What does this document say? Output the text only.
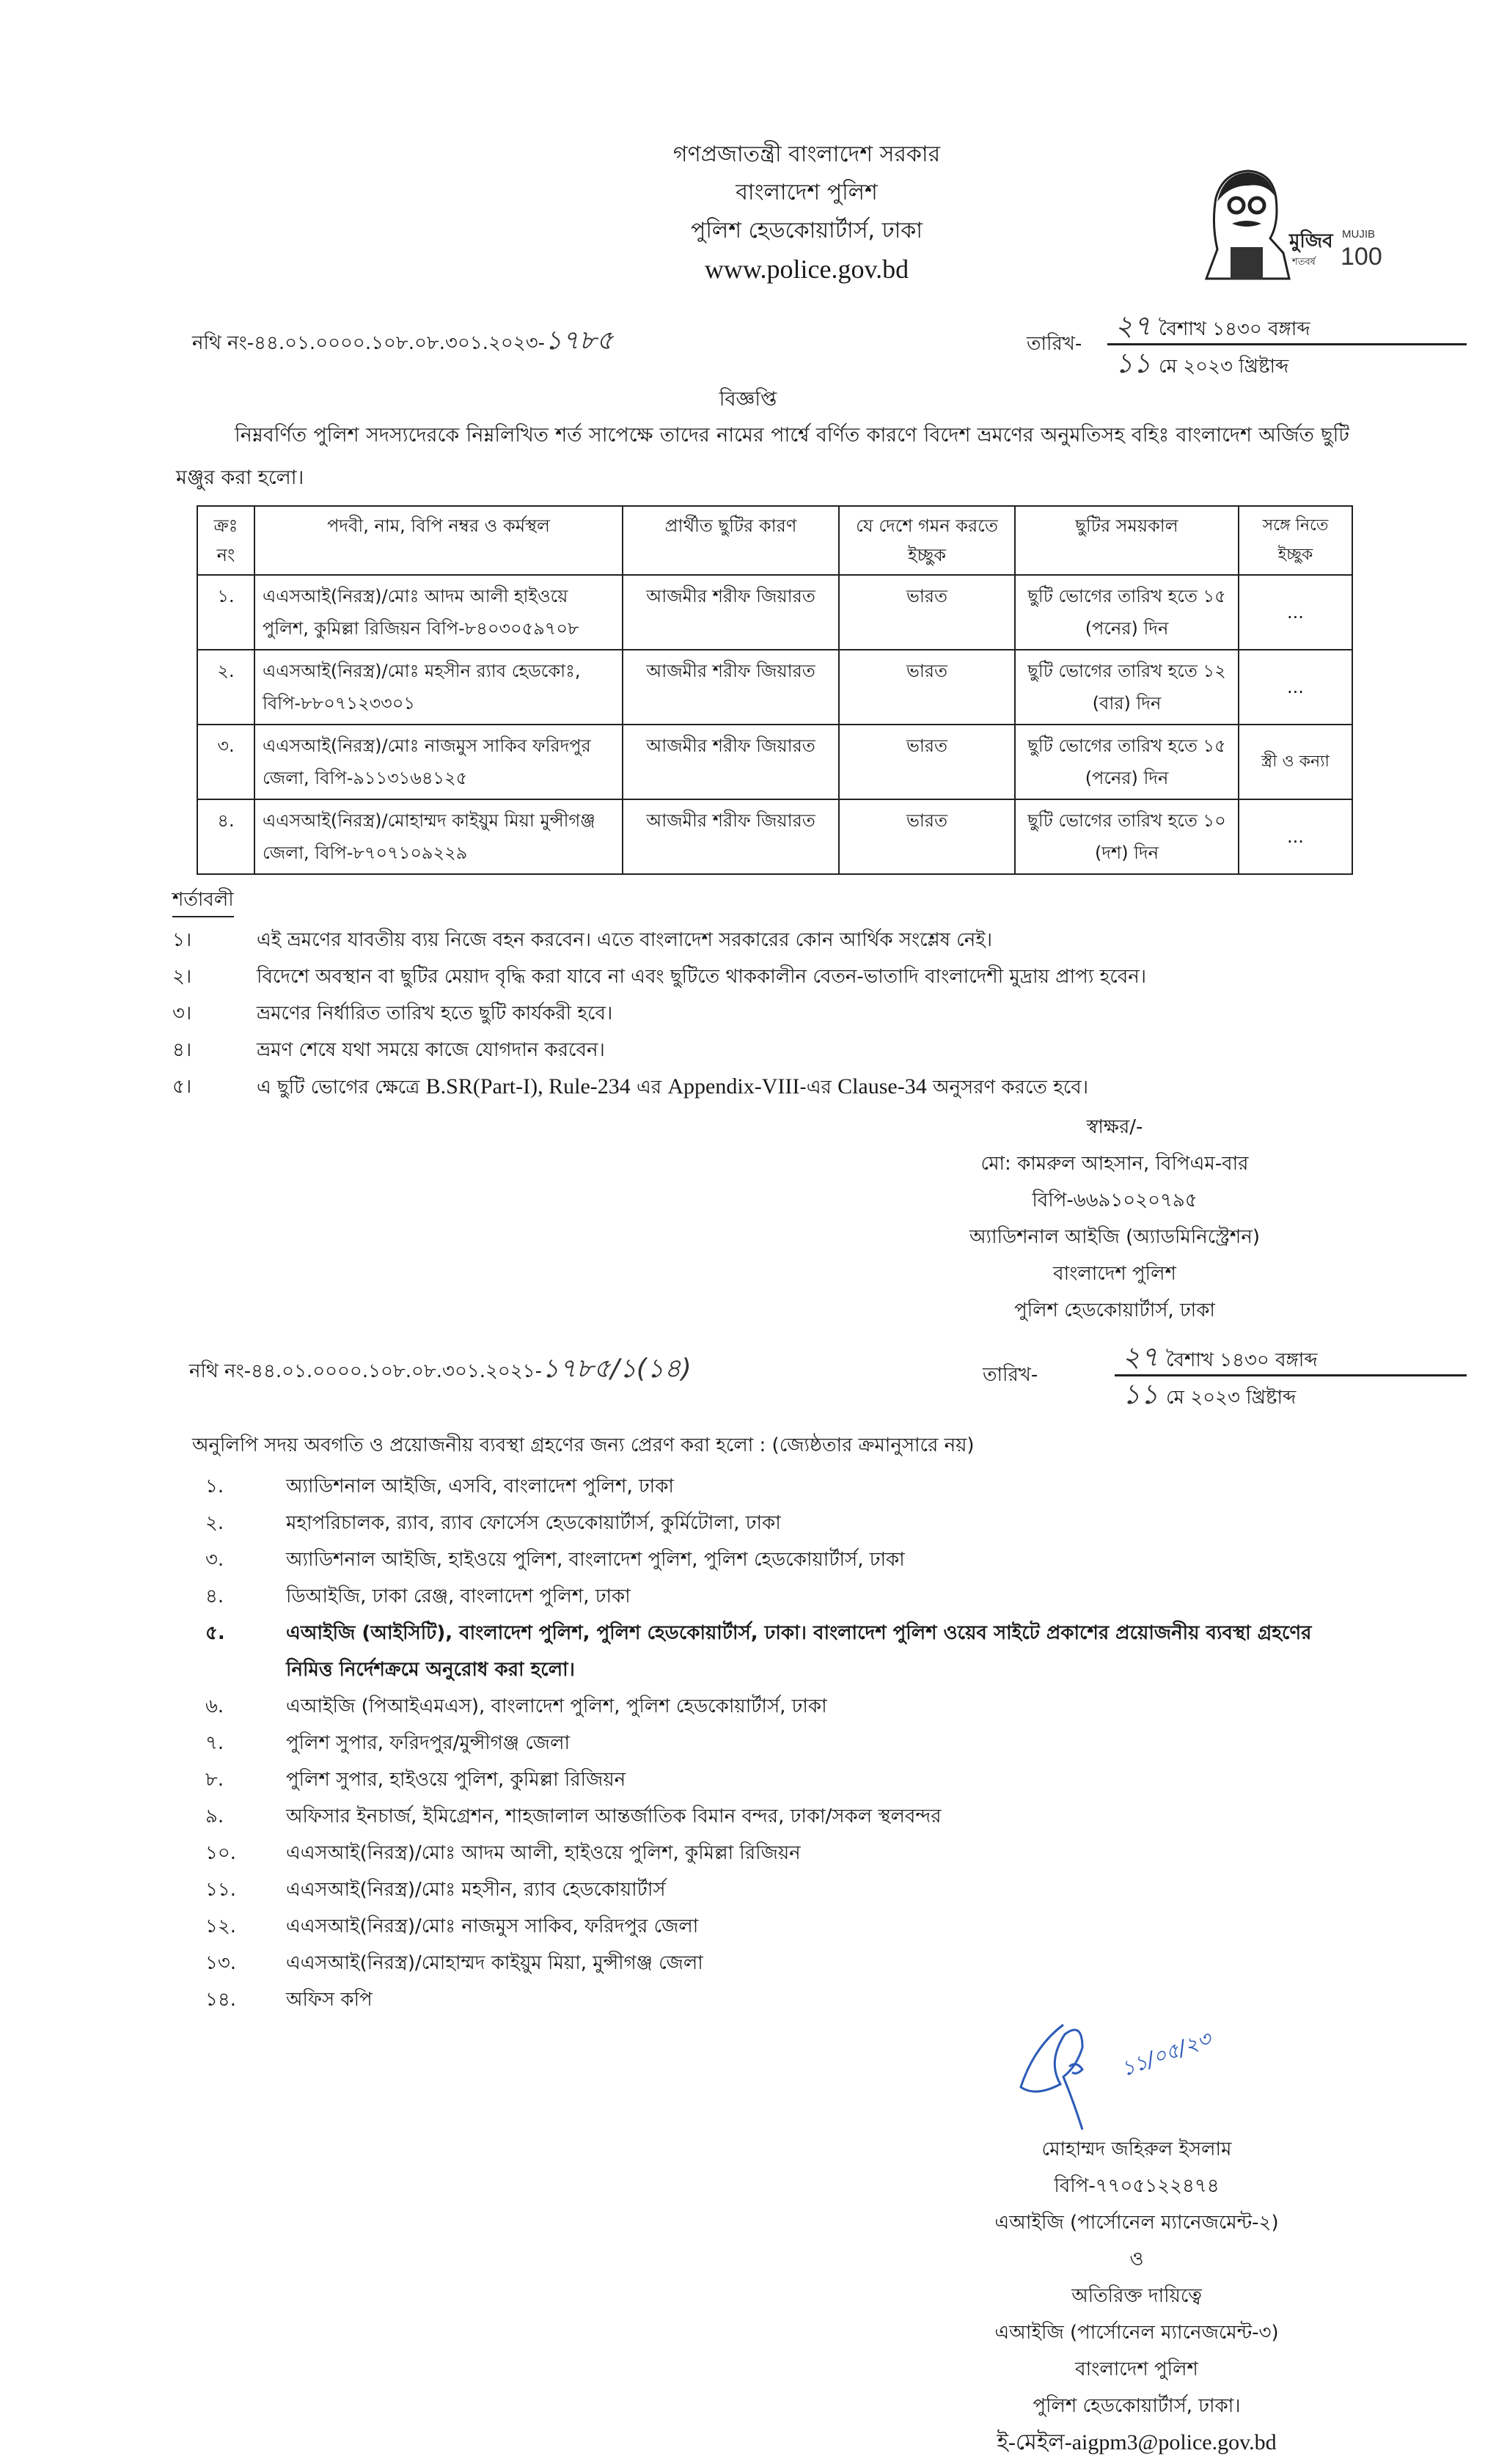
গণপ্রজাতন্ত্রী বাংলাদেশ সরকার
বাংলাদেশ পুলিশ
পুলিশ হেডকোয়ার্টার্স, ঢাকা
www.police.gov.bd
মুজিব
শতবর্ষ
MUJIB
100
নথি নং-৪৪.০১.০০০০.১০৮.০৮.৩০১.২০২৩-১৭৮৫	তারিখ-
২৭ বৈশাখ ১৪৩০ বঙ্গাব্দ
১১ মে ২০২৩ খ্রিষ্টাব্দ
বিজ্ঞপ্তি
নিম্নবর্ণিত পুলিশ সদস্যদেরকে নিম্নলিখিত শর্ত সাপেক্ষে তাদের নামের পার্শ্বে বর্ণিত কারণে বিদেশ ভ্রমণের অনুমতিসহ বহিঃ বাংলাদেশ অর্জিত ছুটি মঞ্জুর করা হলো।
ক্রঃ নং	পদবী, নাম, বিপি নম্বর ও কর্মস্থল	প্রার্থীত ছুটির কারণ	যে দেশে গমন করতে ইচ্ছুক	ছুটির সময়কাল	সঙ্গে নিতে ইচ্ছুক
১.	এএসআই(নিরস্ত্র)/মোঃ আদম আলী হাইওয়ে পুলিশ, কুমিল্লা রিজিয়ন বিপি-৮৪০৩০৫৯৭০৮	আজমীর শরীফ জিয়ারত	ভারত	ছুটি ভোগের তারিখ হতে ১৫ (পনের) দিন	...
২.	এএসআই(নিরস্ত্র)/মোঃ মহসীন র‍্যাব হেডকোঃ, বিপি-৮৮০৭১২৩৩০১	আজমীর শরীফ জিয়ারত	ভারত	ছুটি ভোগের তারিখ হতে ১২ (বার) দিন	...
৩.	এএসআই(নিরস্ত্র)/মোঃ নাজমুস সাকিব ফরিদপুর জেলা, বিপি-৯১১৩১৬৪১২৫	আজমীর শরীফ জিয়ারত	ভারত	ছুটি ভোগের তারিখ হতে ১৫ (পনের) দিন	স্ত্রী ও কন্যা
৪.	এএসআই(নিরস্ত্র)/মোহাম্মদ কাইয়ুম মিয়া মুন্সীগঞ্জ জেলা, বিপি-৮৭০৭১০৯২২৯	আজমীর শরীফ জিয়ারত	ভারত	ছুটি ভোগের তারিখ হতে ১০ (দশ) দিন	...
শর্তাবলী
১।	এই ভ্রমণের যাবতীয় ব্যয় নিজে বহন করবেন। এতে বাংলাদেশ সরকারের কোন আর্থিক সংশ্লেষ নেই।
২।	বিদেশে অবস্থান বা ছুটির মেয়াদ বৃদ্ধি করা যাবে না এবং ছুটিতে থাককালীন বেতন-ভাতাদি বাংলাদেশী মুদ্রায় প্রাপ্য হবেন।
৩।	ভ্রমণের নির্ধারিত তারিখ হতে ছুটি কার্যকরী হবে।
৪।	ভ্রমণ শেষে যথা সময়ে কাজে যোগদান করবেন।
৫।	এ ছুটি ভোগের ক্ষেত্রে B.SR(Part-I), Rule-234 এর Appendix-VIII-এর Clause-34 অনুসরণ করতে হবে।
স্বাক্ষর/-
মো: কামরুল আহসান, বিপিএম-বার
বিপি-৬৬৯১০২০৭৯৫
অ্যাডিশনাল আইজি (অ্যাডমিনিস্ট্রেশন)
বাংলাদেশ পুলিশ
পুলিশ হেডকোয়ার্টার্স, ঢাকা
নথি নং-৪৪.০১.০০০০.১০৮.০৮.৩০১.২০২১-১৭৮৫/১(১৪)	তারিখ-
২৭ বৈশাখ ১৪৩০ বঙ্গাব্দ
১১ মে ২০২৩ খ্রিষ্টাব্দ
অনুলিপি সদয় অবগতি ও প্রয়োজনীয় ব্যবস্থা গ্রহণের জন্য প্রেরণ করা হলো : (জ্যেষ্ঠতার ক্রমানুসারে নয়)
১.	অ্যাডিশনাল আইজি, এসবি, বাংলাদেশ পুলিশ, ঢাকা
২.	মহাপরিচালক, র‍্যাব, র‍্যাব ফোর্সেস হেডকোয়ার্টার্স, কুর্মিটোলা, ঢাকা
৩.	অ্যাডিশনাল আইজি, হাইওয়ে পুলিশ, বাংলাদেশ পুলিশ, পুলিশ হেডকোয়ার্টার্স, ঢাকা
৪.	ডিআইজি, ঢাকা রেঞ্জ, বাংলাদেশ পুলিশ, ঢাকা
৫.	এআইজি (আইসিটি), বাংলাদেশ পুলিশ, পুলিশ হেডকোয়ার্টার্স, ঢাকা। বাংলাদেশ পুলিশ ওয়েব সাইটে প্রকাশের প্রয়োজনীয় ব্যবস্থা গ্রহণের নিমিত্ত নির্দেশক্রমে অনুরোধ করা হলো।
৬.	এআইজি (পিআইএমএস), বাংলাদেশ পুলিশ, পুলিশ হেডকোয়ার্টার্স, ঢাকা
৭.	পুলিশ সুপার, ফরিদপুর/মুন্সীগঞ্জ জেলা
৮.	পুলিশ সুপার, হাইওয়ে পুলিশ, কুমিল্লা রিজিয়ন
৯.	অফিসার ইনচার্জ, ইমিগ্রেশন, শাহজালাল আন্তর্জাতিক বিমান বন্দর, ঢাকা/সকল স্থলবন্দর
১০.	এএসআই(নিরস্ত্র)/মোঃ আদম আলী, হাইওয়ে পুলিশ, কুমিল্লা রিজিয়ন
১১.	এএসআই(নিরস্ত্র)/মোঃ মহসীন, র‍্যাব হেডকোয়ার্টার্স
১২.	এএসআই(নিরস্ত্র)/মোঃ নাজমুস সাকিব, ফরিদপুর জেলা
১৩.	এএসআই(নিরস্ত্র)/মোহাম্মদ কাইয়ুম মিয়া, মুন্সীগঞ্জ জেলা
১৪.	অফিস কপি
১১/০৫/২৩
মোহাম্মদ জহিরুল ইসলাম
বিপি-৭৭০৫১২২৪৭৪
এআইজি (পার্সোনেল ম্যানেজমেন্ট-২)
ও
অতিরিক্ত দায়িত্বে
এআইজি (পার্সোনেল ম্যানেজমেন্ট-৩)
বাংলাদেশ পুলিশ
পুলিশ হেডকোয়ার্টার্স, ঢাকা।
ই-মেইল-aigpm3@police.gov.bd
